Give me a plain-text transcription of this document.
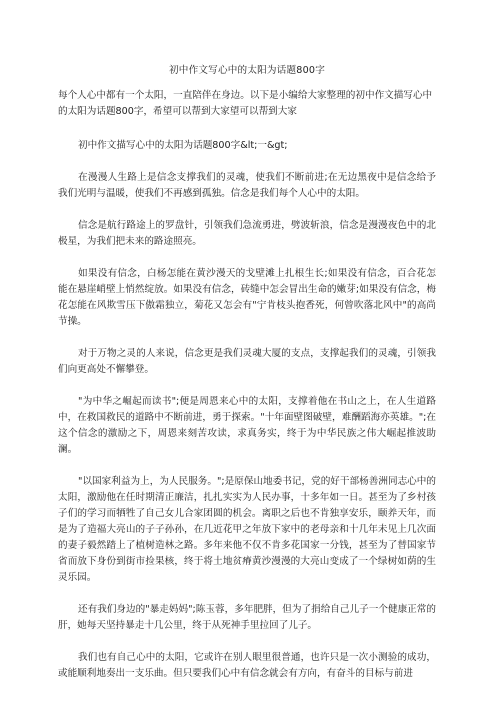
初中作文写心中的太阳为话题800字

每个人心中都有一个太阳，一直陪伴在身边。以下是小编给大家整理的初中作文描写心中的太阳为话题800字，希望可以帮到大家望可以帮到大家

初中作文描写心中的太阳为话题800字&lt;一&gt;

在漫漫人生路上是信念支撑我们的灵魂，使我们不断前进;在无边黑夜中是信念给予我们光明与温暖，使我们不再感到孤独。信念是我们每个人心中的太阳。

信念是航行路途上的罗盘针，引领我们急流勇进，劈波斩浪，信念是漫漫夜色中的北极星，为我们把未来的路途照亮。

如果没有信念，白杨怎能在黄沙漫天的戈壁滩上扎根生长;如果没有信念，百合花怎能在悬崖峭壁上悄然绽放。如果没有信念，砖缝中怎会冒出生命的嫩芽;如果没有信念，梅花怎能在风欺雪压下傲霜独立，菊花又怎会有"宁肯枝头抱香死，何曾吹落北风中"的高尚节操。

对于万物之灵的人来说，信念更是我们灵魂大厦的支点，支撑起我们的灵魂，引领我们向更高处不懈攀登。

"为中华之崛起而读书";便是周恩来心中的太阳，支撑着他在书山之上，在人生道路中，在救国救民的道路中不断前进，勇于探索。"十年面壁图破壁，难酬蹈海亦英雄。";在这个信念的激励之下，周恩来刻苦攻读，求真务实，终于为中华民族之伟大崛起推波助澜。

"以国家利益为上，为人民服务。";是原保山地委书记，党的好干部杨善洲同志心中的太阳，激励他在任时期清正廉洁，扎扎实实为人民办事，十多年如一日。甚至为了乡村孩子们的学习而牺牲了自己女儿合家团圆的机会。离职之后也不肯独享安乐，颐养天年，而是为了造福大亮山的子子孙孙，在几近花甲之年放下家中的老母亲和十几年未见上几次面的妻子毅然踏上了植树造林之路。多年来他不仅不肯多花国家一分钱，甚至为了替国家节省而放下身份到街市捡果核，终于将土地贫瘠黄沙漫漫的大亮山变成了一个绿树如荫的生灵乐园。

还有我们身边的"暴走妈妈";陈玉蓉，多年肥胖，但为了捐给自己儿子一个健康正常的肝，她每天坚持暴走十几公里，终于从死神手里拉回了儿子。

我们也有自己心中的太阳，它或许在别人眼里很普通，也许只是一次小测验的成功，或能顺利地奏出一支乐曲。但只要我们心中有信念就会有方向，有奋斗的目标与前进
